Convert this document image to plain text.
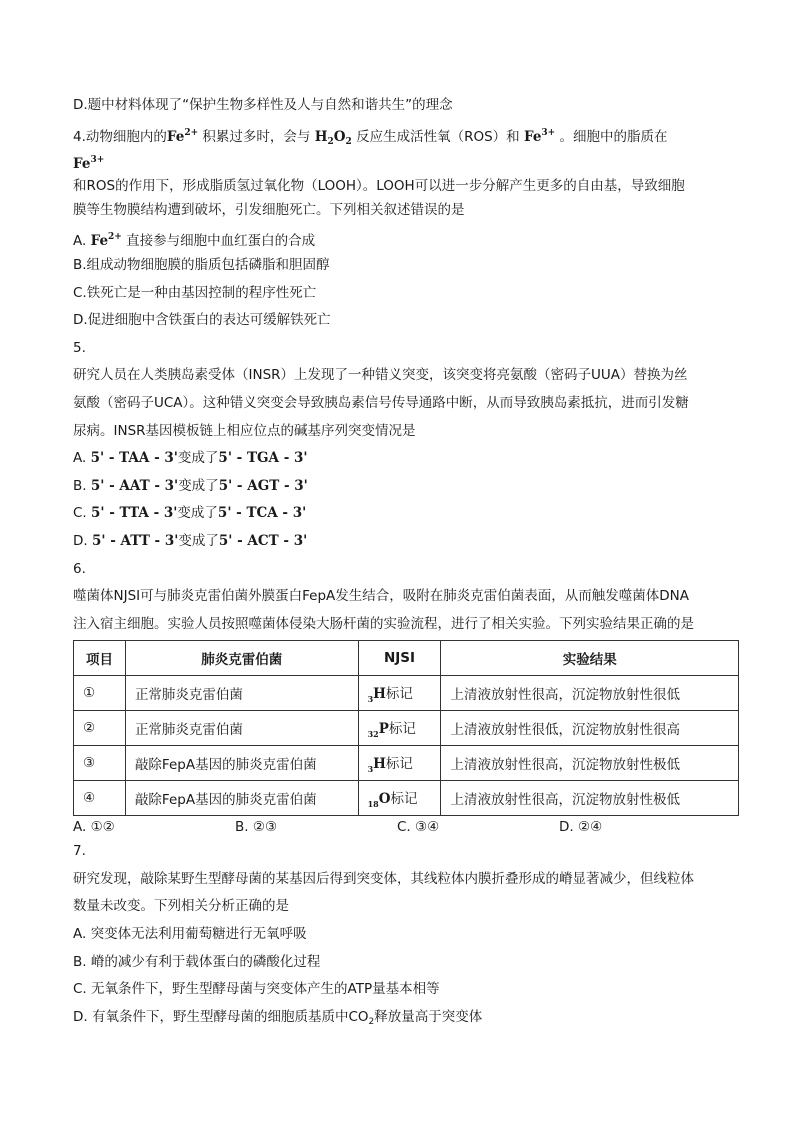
D.题中材料体现了“保护生物多样性及人与自然和谐共生”的理念
4.动物细胞内的$Fe^{2+}$ 积累过多时，会与 $H_2O_2$ 反应生成活性氧（ROS）和 $Fe^{3+}$ 。细胞中的脂质在
$Fe^{3+}$
和ROS的作用下，形成脂质氢过氧化物（LOOH）。LOOH可以进一步分解产生更多的自由基，导致细胞
膜等生物膜结构遭到破坏，引发细胞死亡。下列相关叙述错误的是
A. $Fe^{2+}$ 直接参与细胞中血红蛋白的合成
B.组成动物细胞膜的脂质包括磷脂和胆固醇
C.铁死亡是一种由基因控制的程序性死亡
D.促进细胞中含铁蛋白的表达可缓解铁死亡
5.
研究人员在人类胰岛素受体（INSR）上发现了一种错义突变，该突变将亮氨酸（密码子UUA）替换为丝
氨酸（密码子UCA）。这种错义突变会导致胰岛素信号传导通路中断，从而导致胰岛素抵抗，进而引发糖
尿病。INSR基因模板链上相应位点的碱基序列突变情况是
A. 5' - TAA - 3'变成了5' - TGA - 3'
B. 5' - AAT - 3'变成了5' - AGT - 3'
C. 5' - TTA - 3'变成了5' - TCA - 3'
D. 5' - ATT - 3'变成了5' - ACT - 3'
6.
噬菌体NJSI可与肺炎克雷伯菌外膜蛋白FepA发生结合，吸附在肺炎克雷伯菌表面，从而触发噬菌体DNA
注入宿主细胞。实验人员按照噬菌体侵染大肠杆菌的实验流程，进行了相关实验。下列实验结果正确的是
项目	肺炎克雷伯菌	NJSI	实验结果
①	正常肺炎克雷伯菌	$_3$H标记	上清液放射性很高，沉淀物放射性很低
②	正常肺炎克雷伯菌	$_{32}$P标记	上清液放射性很低，沉淀物放射性很高
③	敲除FepA基因的肺炎克雷伯菌	$_3$H标记	上清液放射性很高，沉淀物放射性极低
④	敲除FepA基因的肺炎克雷伯菌	$_{18}$O标记	上清液放射性很高，沉淀物放射性极低
A. ①②	B. ②③	C. ③④	D. ②④
7.
研究发现，敲除某野生型酵母菌的某基因后得到突变体，其线粒体内膜折叠形成的嵴显著减少，但线粒体
数量未改变。下列相关分析正确的是
A. 突变体无法利用葡萄糖进行无氧呼吸
B. 嵴的减少有利于载体蛋白的磷酸化过程
C. 无氧条件下，野生型酵母菌与突变体产生的ATP量基本相等
D. 有氧条件下，野生型酵母菌的细胞质基质中$CO_2$释放量高于突变体
